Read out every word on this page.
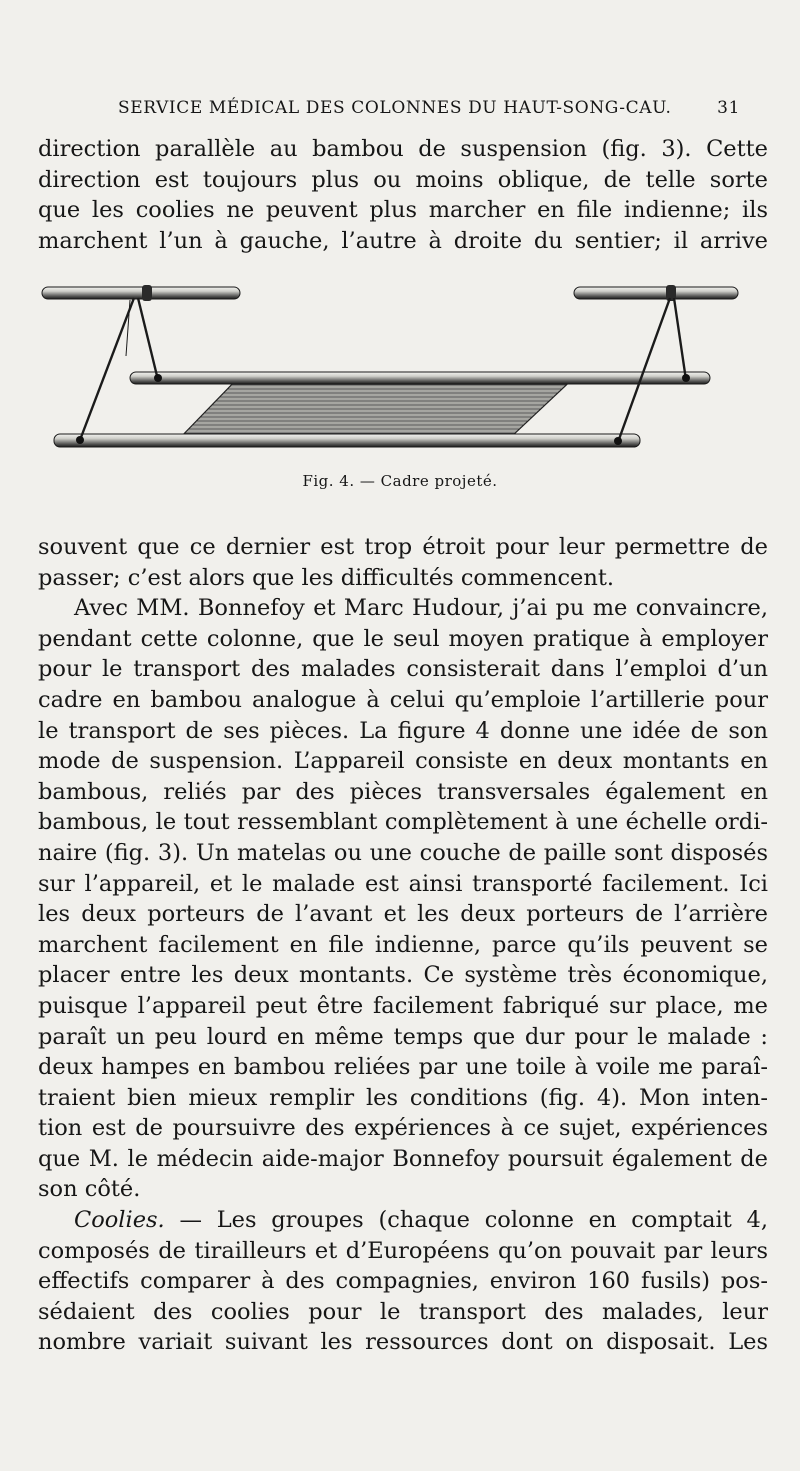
SERVICE MÉDICAL DES COLONNES DU HAUT-SONG-CAU.	31
direction parallèle au bambou de suspension (fig. 3). Cette
direction est toujours plus ou moins oblique, de telle sorte
que les coolies ne peuvent plus marcher en file indienne; ils
marchent l’un à gauche, l’autre à droite du sentier; il arrive
Fig. 4. — Cadre projeté.
souvent que ce dernier est trop étroit pour leur permettre de
passer; c’est alors que les difficultés commencent.
Avec MM. Bonnefoy et Marc Hudour, j’ai pu me convaincre,
pendant cette colonne, que le seul moyen pratique à employer
pour le transport des malades consisterait dans l’emploi d’un
cadre en bambou analogue à celui qu’emploie l’artillerie pour
le transport de ses pièces. La figure 4 donne une idée de son
mode de suspension. L’appareil consiste en deux montants en
bambous, reliés par des pièces transversales également en
bambous, le tout ressemblant complètement à une échelle ordi-
naire (fig. 3). Un matelas ou une couche de paille sont disposés
sur l’appareil, et le malade est ainsi transporté facilement. Ici
les deux porteurs de l’avant et les deux porteurs de l’arrière
marchent facilement en file indienne, parce qu’ils peuvent se
placer entre les deux montants. Ce système très économique,
puisque l’appareil peut être facilement fabriqué sur place, me
paraît un peu lourd en même temps que dur pour le malade :
deux hampes en bambou reliées par une toile à voile me paraî-
traient bien mieux remplir les conditions (fig. 4). Mon inten-
tion est de poursuivre des expériences à ce sujet, expériences
que M. le médecin aide-major Bonnefoy poursuit également de
son côté.
Coolies. — Les groupes (chaque colonne en comptait 4,
composés de tirailleurs et d’Européens qu’on pouvait par leurs
effectifs comparer à des compagnies, environ 160 fusils) pos-
sédaient des coolies pour le transport des malades, leur
nombre variait suivant les ressources dont on disposait. Les
